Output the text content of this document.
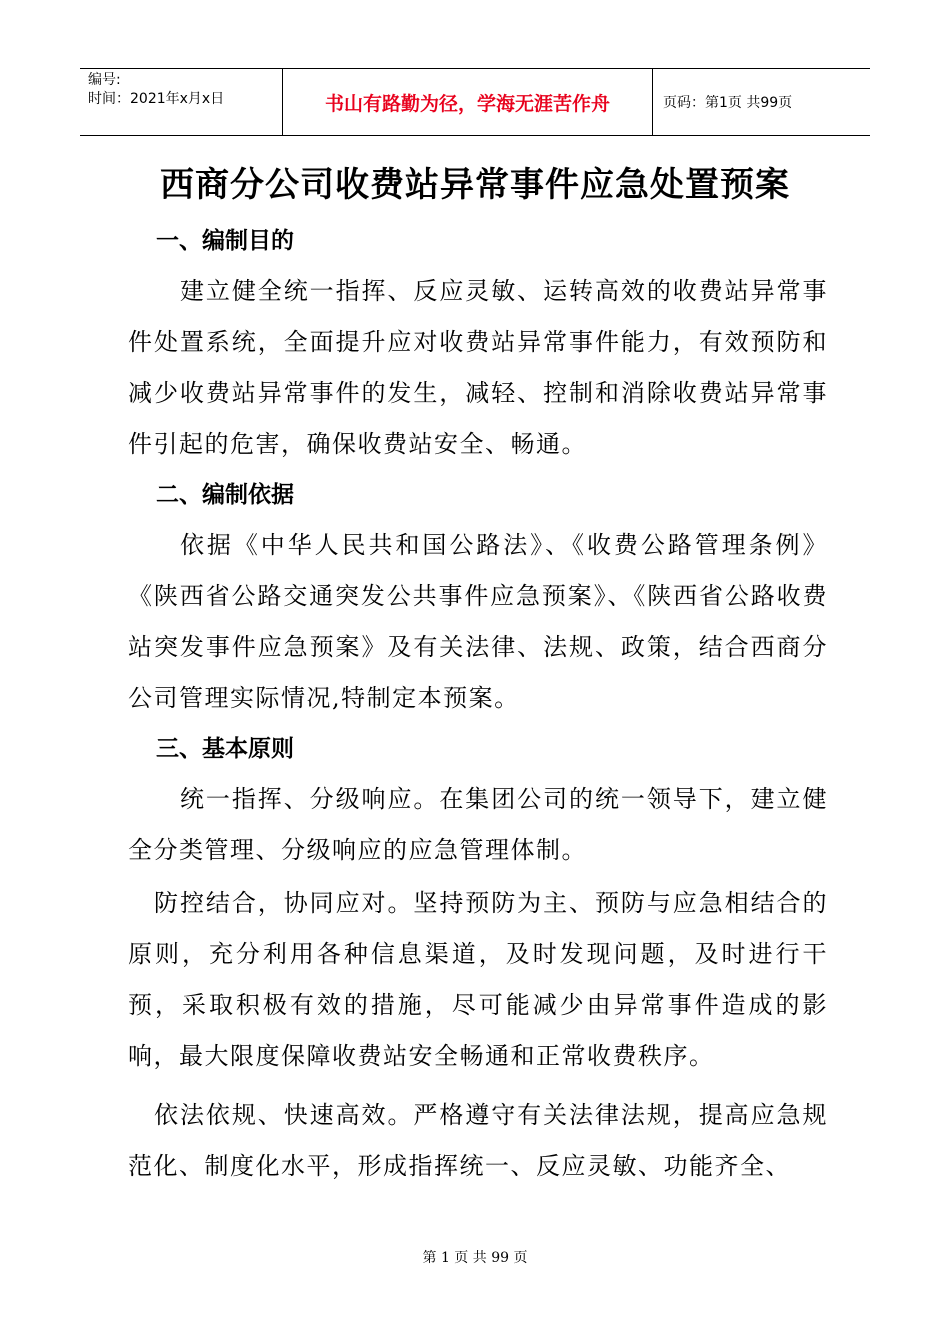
编号:
时间：2021年x月x日	书山有路勤为径，学海无涯苦作舟	页码：第1页 共99页
西商分公司收费站异常事件应急处置预案
一、编制目的
建立健全统一指挥、反应灵敏、运转高效的收费站异常事件处置系统，全面提升应对收费站异常事件能力，有效预防和减少收费站异常事件的发生，减轻、控制和消除收费站异常事件引起的危害，确保收费站安全、畅通。
二、编制依据
依据《中华人民共和国公路法》、《收费公路管理条例》《陕西省公路交通突发公共事件应急预案》、《陕西省公路收费站突发事件应急预案》及有关法律、法规、政策，结合西商分公司管理实际情况,特制定本预案。
三、基本原则
统一指挥、分级响应。在集团公司的统一领导下，建立健全分类管理、分级响应的应急管理体制。
防控结合，协同应对。坚持预防为主、预防与应急相结合的原则，充分利用各种信息渠道，及时发现问题，及时进行干预，采取积极有效的措施，尽可能减少由异常事件造成的影响，最大限度保障收费站安全畅通和正常收费秩序。
依法依规、快速高效。严格遵守有关法律法规，提高应急规范化、制度化水平，形成指挥统一、反应灵敏、功能齐全、
第 1 页 共 99 页
